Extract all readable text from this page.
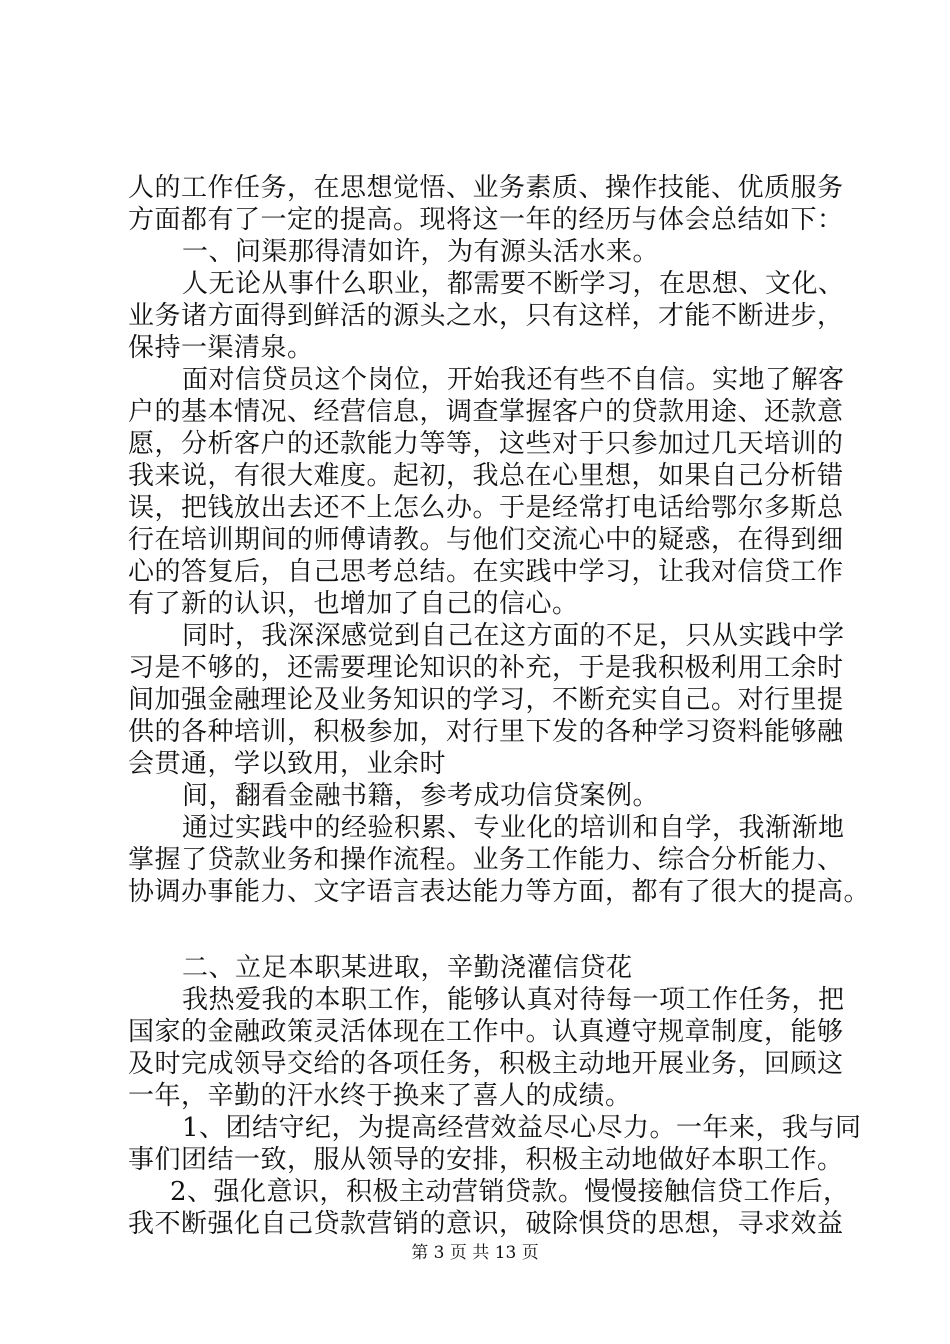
人的工作任务，在思想觉悟、业务素质、操作技能、优质服务
方面都有了一定的提高。现将这一年的经历与体会总结如下：
一、问渠那得清如许，为有源头活水来。
人无论从事什么职业，都需要不断学习，在思想、文化、
业务诸方面得到鲜活的源头之水，只有这样，才能不断进步，
保持一渠清泉。
面对信贷员这个岗位，开始我还有些不自信。实地了解客
户的基本情况、经营信息，调查掌握客户的贷款用途、还款意
愿，分析客户的还款能力等等，这些对于只参加过几天培训的
我来说，有很大难度。起初，我总在心里想，如果自己分析错
误，把钱放出去还不上怎么办。于是经常打电话给鄂尔多斯总
行在培训期间的师傅请教。与他们交流心中的疑惑，在得到细
心的答复后，自己思考总结。在实践中学习，让我对信贷工作
有了新的认识，也增加了自己的信心。
同时，我深深感觉到自己在这方面的不足，只从实践中学
习是不够的，还需要理论知识的补充，于是我积极利用工余时
间加强金融理论及业务知识的学习，不断充实自己。对行里提
供的各种培训，积极参加，对行里下发的各种学习资料能够融
会贯通，学以致用，业余时
间，翻看金融书籍，参考成功信贷案例。
通过实践中的经验积累、专业化的培训和自学，我渐渐地
掌握了贷款业务和操作流程。业务工作能力、综合分析能力、
协调办事能力、文字语言表达能力等方面，都有了很大的提高。
二、立足本职某进取，辛勤浇灌信贷花
我热爱我的本职工作，能够认真对待每一项工作任务，把
国家的金融政策灵活体现在工作中。认真遵守规章制度，能够
及时完成领导交给的各项任务，积极主动地开展业务，回顾这
一年，辛勤的汗水终于换来了喜人的成绩。
1、团结守纪，为提高经营效益尽心尽力。一年来，我与同
事们团结一致，服从领导的安排，积极主动地做好本职工作。
2、强化意识，积极主动营销贷款。慢慢接触信贷工作后，
我不断强化自己贷款营销的意识，破除惧贷的思想，寻求效益
第 3 页 共 13 页
